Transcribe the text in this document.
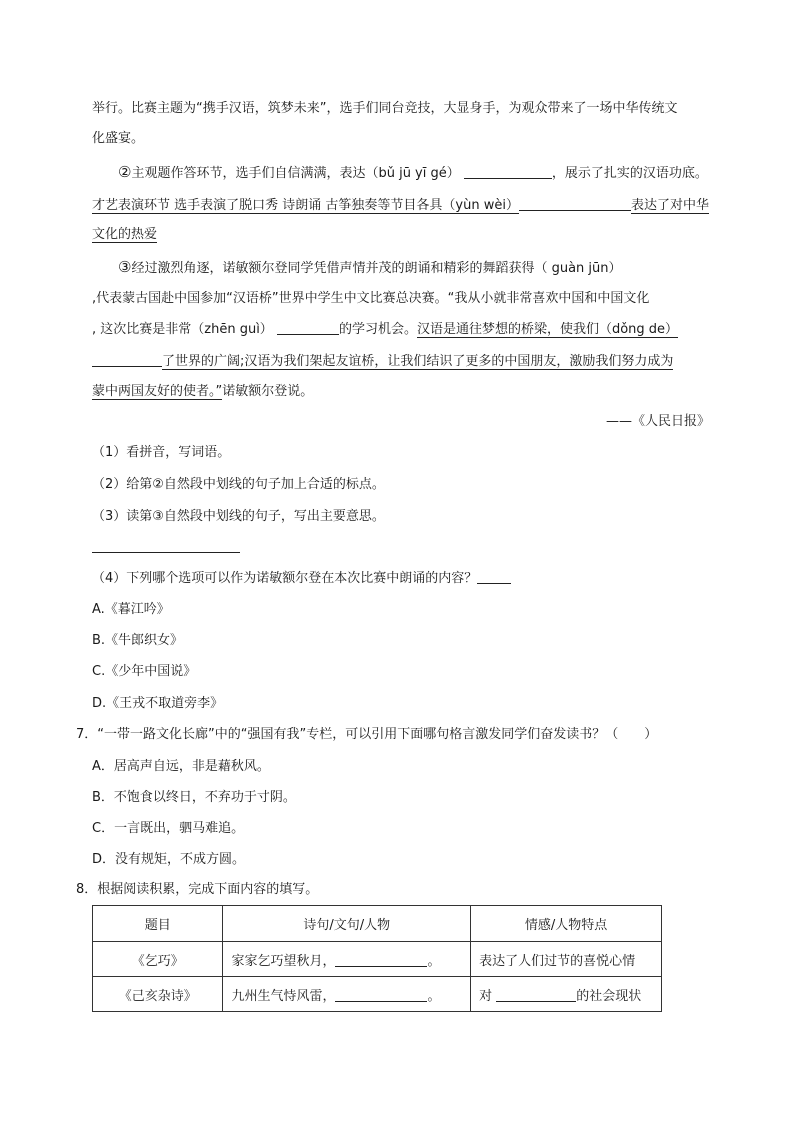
举行。比赛主题为“携手汉语，筑梦未来”，选手们同台竞技，大显身手，为观众带来了一场中华传统文
化盛宴。
②主观题作答环节，选手们自信满满，表达（bǔ jū yī gé）	，展示了扎实的汉语功底。
才艺表演环节 选手表演了脱口秀 诗朗诵 古筝独奏等节目各具（yùn wèi）	表达了对中华
文化的热爱
③经过激烈角逐，诺敏额尔登同学凭借声情并茂的朗诵和精彩的舞蹈获得（ guàn jūn）
,代表蒙古国赴中国参加“汉语桥”世界中学生中文比赛总决赛。“我从小就非常喜欢中国和中国文化
, 这次比赛是非常（zhēn guì）	的学习机会。汉语是通往梦想的桥梁，使我们（dǒng de）
了世界的广阔;汉语为我们架起友谊桥，让我们结识了更多的中国朋友，激励我们努力成为
蒙中两国友好的使者。”诺敏额尔登说。
——《人民日报》
（1）看拼音，写词语。
（2）给第②自然段中划线的句子加上合适的标点。
（3）读第③自然段中划线的句子，写出主要意思。
（4）下列哪个选项可以作为诺敏额尔登在本次比赛中朗诵的内容？
A.《暮江吟》
B.《牛郎织女》
C.《少年中国说》
D.《王戎不取道旁李》
7．“一带一路文化长廊”中的“强国有我”专栏，可以引用下面哪句格言激发同学们奋发读书？（　　）
A．居高声自远，非是藉秋风。
B．不饱食以终日，不弃功于寸阴。
C．一言既出，驷马难追。
D．没有规矩，不成方圆。
8．根据阅读积累，完成下面内容的填写。
题目	诗句/文句/人物	情感/人物特点
《乞巧》	家家乞巧望秋月， 。	表达了人们过节的喜悦心情
《己亥杂诗》	九州生气恃风雷， 。	对 的社会现状
